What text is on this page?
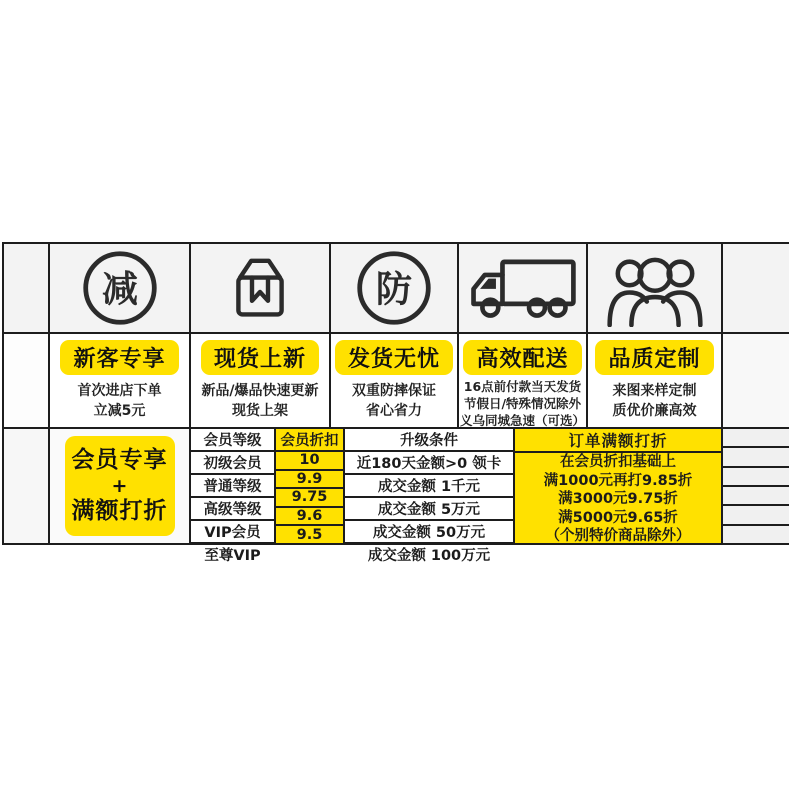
减	防
新客专享
首次进店下单
立减5元
现货上新
新品/爆品快速更新
现货上架
发货无忧
双重防摔保证
省心省力
高效配送
16点前付款当天发货
节假日/特殊情况除外
义乌同城急速（可选）
品质定制
来图来样定制
质优价廉高效
会员专享
+
满额打折
会员等级
初级会员
普通等级
高级等级
VIP会员
至尊VIP
会员折扣
10
9.9
9.75
9.6
9.5
升级条件
近180天金额>0 领卡
成交金额 1千元
成交金额 5万元
成交金额 50万元
成交金额 100万元
订单满额打折
在会员折扣基础上
满1000元再打9.85折
满3000元9.75折
满5000元9.65折
（个别特价商品除外）
